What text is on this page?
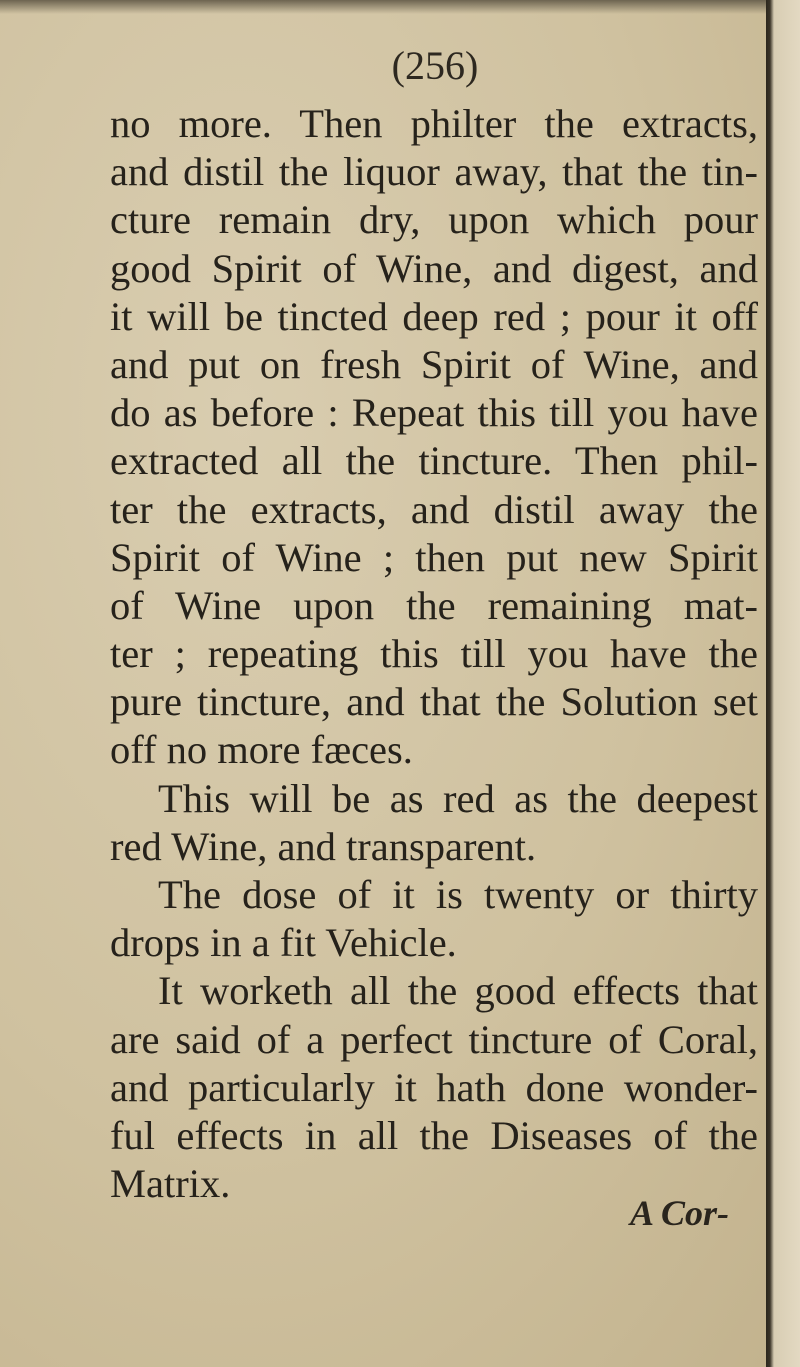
(256)

no more. Then philter the extracts,
and distil the liquor away, that the tin-
cture remain dry, upon which pour
good Spirit of Wine, and digest, and
it will be tincted deep red ; pour it off
and put on fresh Spirit of Wine, and
do as before : Repeat this till you have
extracted all the tincture. Then phil-
ter the extracts, and distil away the
Spirit of Wine ; then put new Spirit
of Wine upon the remaining mat-
ter ; repeating this till you have the
pure tincture, and that the Solution set
off no more fæces.

This will be as red as the deepest
red Wine, and transparent.

The dose of it is twenty or thirty
drops in a fit Vehicle.

It worketh all the good effects that
are said of a perfect tincture of Coral,
and particularly it hath done wonder-
ful effects in all the Diseases of the
Matrix.

A Cor-
